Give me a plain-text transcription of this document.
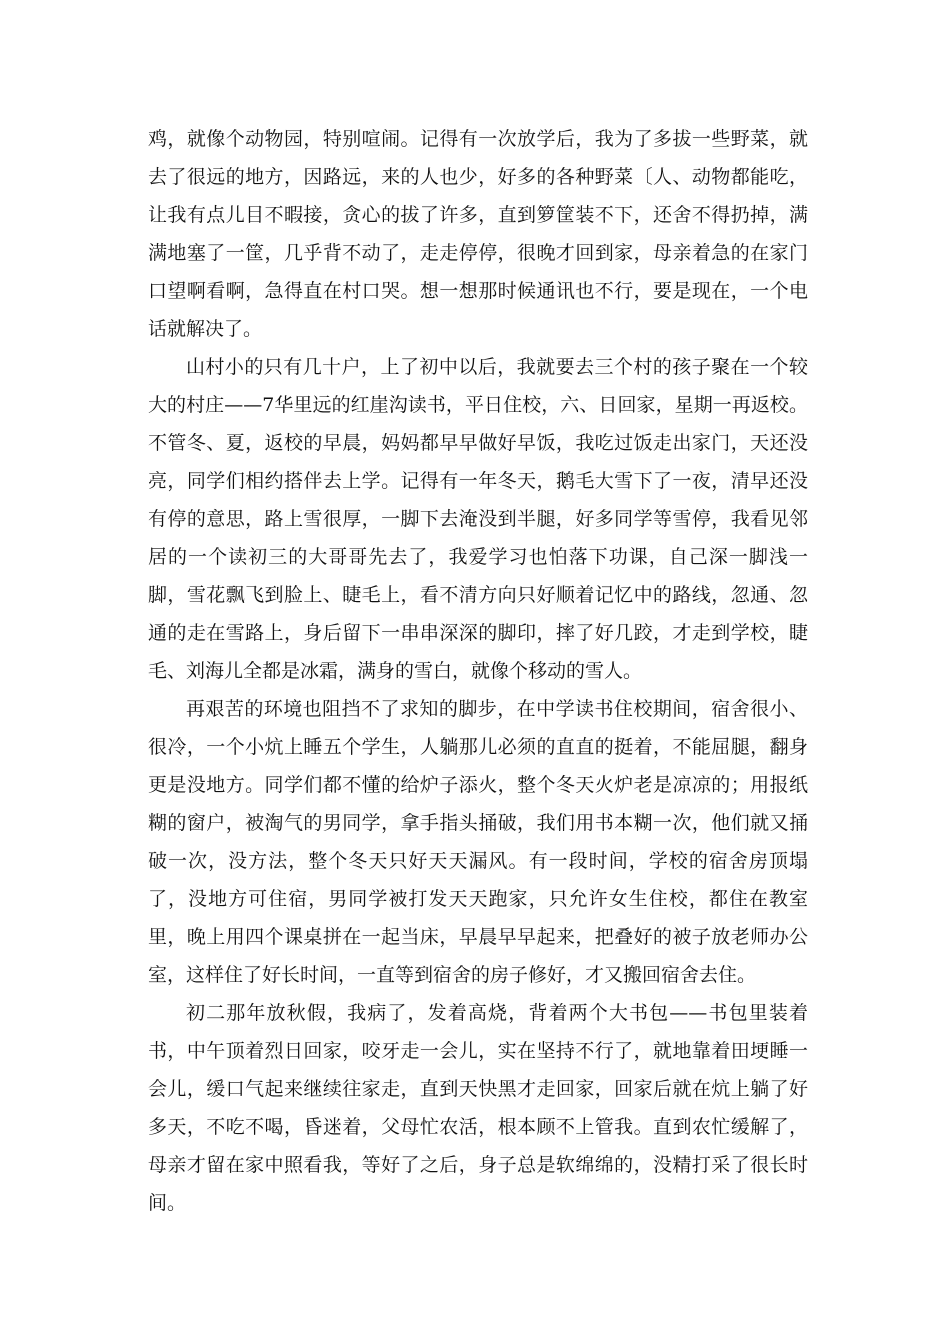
鸡，就像个动物园，特别喧闹。记得有一次放学后，我为了多拔一些野菜，就去了很远的地方，因路远，来的人也少，好多的各种野菜〔人、动物都能吃，让我有点儿目不暇接，贪心的拔了许多，直到箩筐装不下，还舍不得扔掉，满满地塞了一筐，几乎背不动了，走走停停，很晚才回到家，母亲着急的在家门口望啊看啊，急得直在村口哭。想一想那时候通讯也不行，要是现在，一个电话就解决了。

山村小的只有几十户，上了初中以后，我就要去三个村的孩子聚在一个较大的村庄——7华里远的红崖沟读书，平日住校，六、日回家，星期一再返校。不管冬、夏，返校的早晨，妈妈都早早做好早饭，我吃过饭走出家门，天还没亮，同学们相约搭伴去上学。记得有一年冬天，鹅毛大雪下了一夜，清早还没有停的意思，路上雪很厚，一脚下去淹没到半腿，好多同学等雪停，我看见邻居的一个读初三的大哥哥先去了，我爱学习也怕落下功课，自己深一脚浅一脚，雪花飘飞到脸上、睫毛上，看不清方向只好顺着记忆中的路线，忽通、忽通的走在雪路上，身后留下一串串深深的脚印，摔了好几跤，才走到学校，睫毛、刘海儿全都是冰霜，满身的雪白，就像个移动的雪人。

再艰苦的环境也阻挡不了求知的脚步，在中学读书住校期间，宿舍很小、很冷，一个小炕上睡五个学生，人躺那儿必须的直直的挺着，不能屈腿，翻身更是没地方。同学们都不懂的给炉子添火，整个冬天火炉老是凉凉的；用报纸糊的窗户，被淘气的男同学，拿手指头捅破，我们用书本糊一次，他们就又捅破一次，没方法，整个冬天只好天天漏风。有一段时间，学校的宿舍房顶塌了，没地方可住宿，男同学被打发天天跑家，只允许女生住校，都住在教室里，晚上用四个课桌拼在一起当床，早晨早早起来，把叠好的被子放老师办公室，这样住了好长时间，一直等到宿舍的房子修好，才又搬回宿舍去住。

初二那年放秋假，我病了，发着高烧，背着两个大书包——书包里装着书，中午顶着烈日回家，咬牙走一会儿，实在坚持不行了，就地靠着田埂睡一会儿，缓口气起来继续往家走，直到天快黑才走回家，回家后就在炕上躺了好多天，不吃不喝，昏迷着，父母忙农活，根本顾不上管我。直到农忙缓解了，母亲才留在家中照看我，等好了之后，身子总是软绵绵的，没精打采了很长时间。
